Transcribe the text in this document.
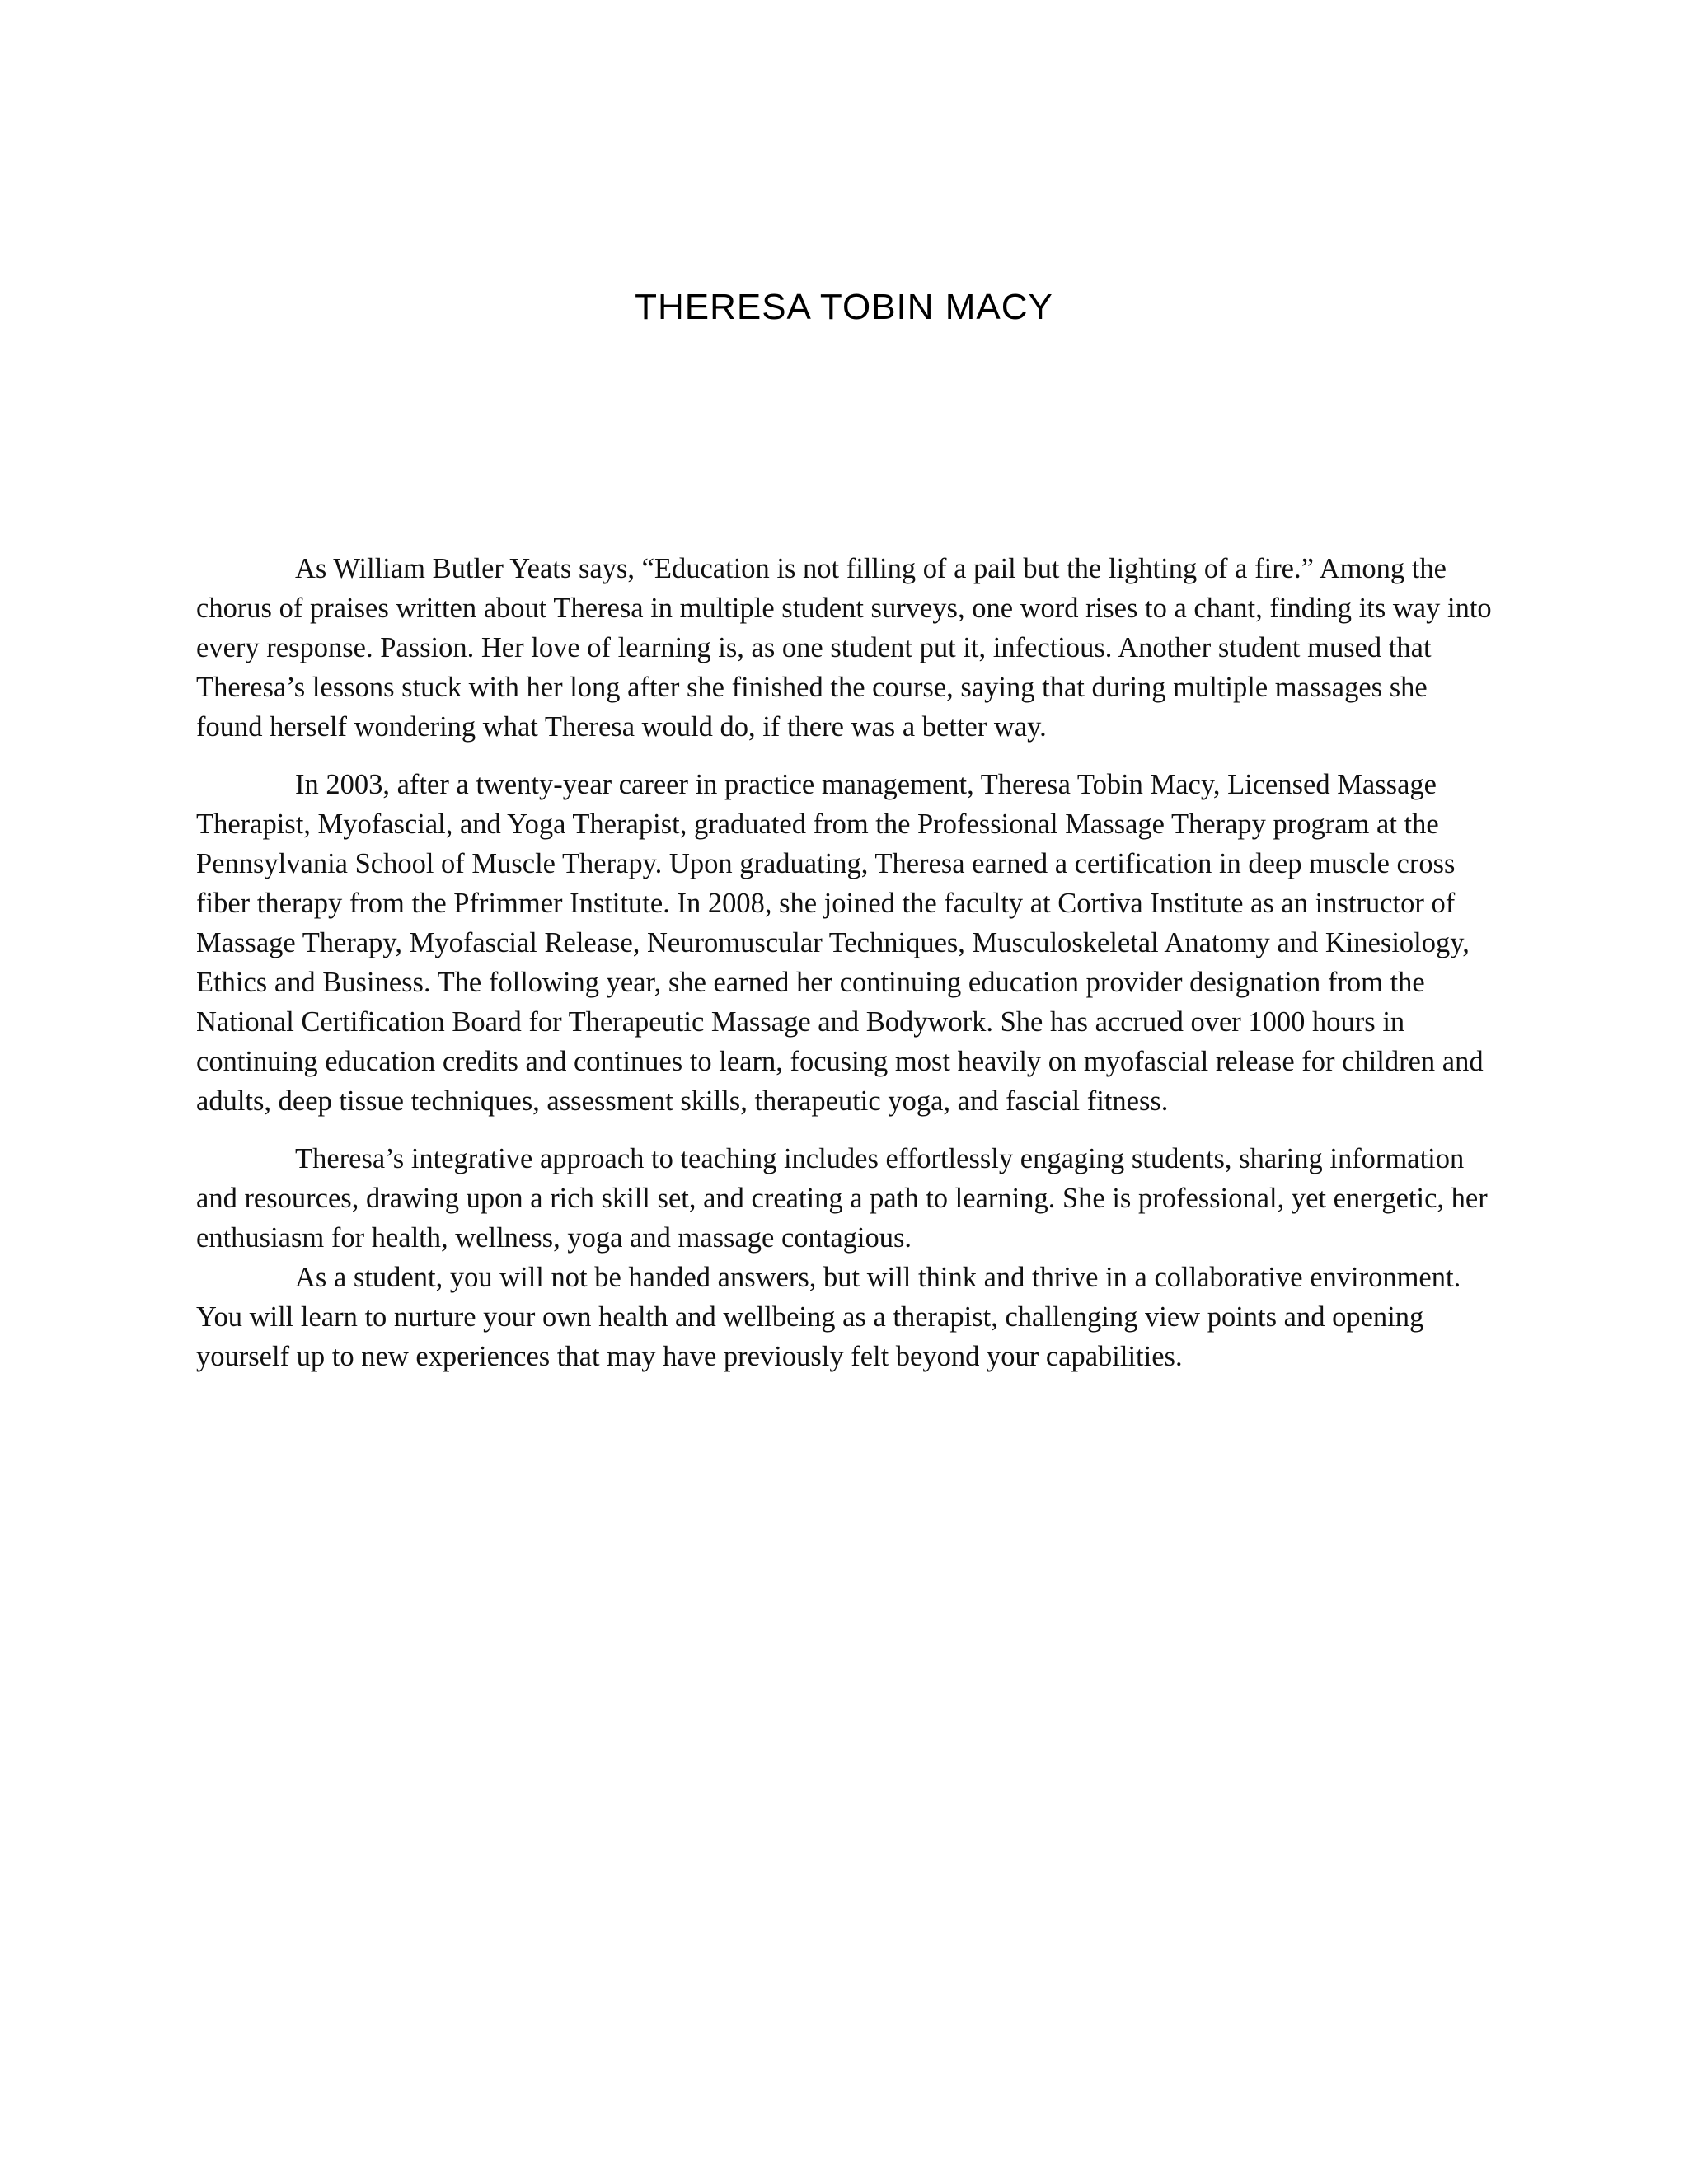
THERESA TOBIN MACY

As William Butler Yeats says, “Education is not filling of a pail but the lighting of a fire.” Among the chorus of praises written about Theresa in multiple student surveys, one word rises to a chant, finding its way into every response. Passion. Her love of learning is, as one student put it, infectious. Another student mused that Theresa’s lessons stuck with her long after she finished the course, saying that during multiple massages she found herself wondering what Theresa would do, if there was a better way.

In 2003, after a twenty-year career in practice management, Theresa Tobin Macy, Licensed Massage Therapist, Myofascial, and Yoga Therapist, graduated from the Professional Massage Therapy program at the Pennsylvania School of Muscle Therapy. Upon graduating, Theresa earned a certification in deep muscle cross fiber therapy from the Pfrimmer Institute. In 2008, she joined the faculty at Cortiva Institute as an instructor of Massage Therapy, Myofascial Release, Neuromuscular Techniques, Musculoskeletal Anatomy and Kinesiology, Ethics and Business. The following year, she earned her continuing education provider designation from the National Certification Board for Therapeutic Massage and Bodywork. She has accrued over 1000 hours in continuing education credits and continues to learn, focusing most heavily on myofascial release for children and adults, deep tissue techniques, assessment skills, therapeutic yoga, and fascial fitness.

Theresa’s integrative approach to teaching includes effortlessly engaging students, sharing information and resources, drawing upon a rich skill set, and creating a path to learning. She is professional, yet energetic, her enthusiasm for health, wellness, yoga and massage contagious.

As a student, you will not be handed answers, but will think and thrive in a collaborative environment. You will learn to nurture your own health and wellbeing as a therapist, challenging view points and opening yourself up to new experiences that may have previously felt beyond your capabilities.
